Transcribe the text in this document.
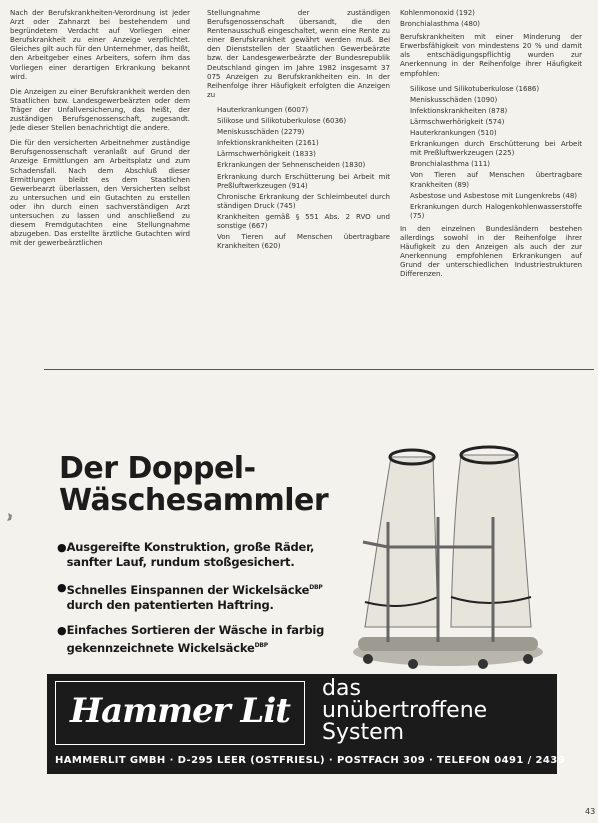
Nach der Berufskrankheiten-Verordnung ist jeder Arzt oder Zahnarzt bei bestehendem und begründetem Verdacht auf Vorliegen einer Berufskrankheit zu einer Anzeige verpflichtet. Gleiches gilt auch für den Unternehmer, das heißt, den Arbeitgeber eines Arbeiters, sofern ihm das Vorliegen einer derartigen Erkrankung bekannt wird.

Die Anzeigen zu einer Berufskrankheit werden den Staatlichen bzw. Landesgewerbeärzten oder dem Träger der Unfallversicherung, das heißt, der zuständigen Berufsgenossenschaft, zugesandt. Jede dieser Stellen benachrichtigt die andere.

Die für den versicherten Arbeitnehmer zuständige Berufsgenossenschaft veranlaßt auf Grund der Anzeige Ermittlungen am Arbeitsplatz und zum Schadensfall. Nach dem Abschluß dieser Ermittlungen bleibt es dem Staatlichen Gewerbearzt überlassen, den Versicherten selbst zu untersuchen und ein Gutachten zu erstellen oder ihn durch einen sachverständigen Arzt untersuchen zu lassen und anschließend zu diesem Fremdgutachten eine Stellungnahme abzugeben. Das erstellte ärztliche Gutachten wird mit der gewerbeärztlichen

Stellungnahme der zuständigen Berufsgenossenschaft übersandt, die den Rentenausschuß eingeschaltet, wenn eine Rente zu einer Berufskrankheit gewährt werden muß. Bei den Dienststellen der Staatlichen Gewerbeärzte bzw. der Landesgewerbeärzte der Bundesrepublik Deutschland gingen im Jahre 1982 insgesamt 37 075 Anzeigen zu Berufskrankheiten ein. In der Reihenfolge ihrer Häufigkeit erfolgten die Anzeigen zu

Hauterkrankungen (6007)
Silikose und Silikotuberkulose (6036)
Meniskusschäden (2279)
Infektionskrankheiten (2161)
Lärmschwerhörigkeit (1833)
Erkrankungen der Sehnenscheiden (1830)
Erkrankung durch Erschütterung bei Arbeit mit Preßluftwerkzeugen (914)
Chronische Erkrankung der Schleimbeutel durch ständigen Druck (745)
Krankheiten gemäß § 551 Abs. 2 RVO und sonstige (667)
Von Tieren auf Menschen übertragbare Krankheiten (620)
Kohlenmonoxid (192)
Bronchialasthma (480)

Berufskrankheiten mit einer Minderung der Erwerbsfähigkeit von mindestens 20 % und damit als entschädigungspflichtig wurden zur Anerkennung in der Reihenfolge ihrer Häufigkeit empfohlen:

Silikose und Silikotuberkulose (1686)
Meniskusschäden (1090)
Infektionskrankheiten (878)
Lärmschwerhörigkeit (574)
Hauterkrankungen (510)
Erkrankungen durch Erschütterung bei Arbeit mit Preßluftwerkzeugen (225)
Bronchialasthma (111)
Von Tieren auf Menschen übertragbare Krankheiten (89)
Asbestose und Asbestose mit Lungenkrebs (48)
Erkrankungen durch Halogenkohlenwasserstoffe (75)

In den einzelnen Bundesländern bestehen allerdings sowohl in der Reihenfolge ihrer Häufigkeit zu den Anzeigen als auch der zur Anerkennung empfohlenen Erkrankungen auf Grund der unterschiedlichen Industriestrukturen Differenzen.

Der Doppel-
Wäschesammler
● Ausgereifte Konstruktion, große Räder, sanfter Lauf, rundum stoßgesichert.
● Schnelles Einspannen der Wickelsäcke$^{DBP}$ durch den patentierten Haftring.
● Einfaches Sortieren der Wäsche in farbig gekennzeichnete Wickelsäcke$^{DBP}$
Hammer Lit
das
unübertroffene
System
HAMMERLIT GMBH · D-295 LEER (OSTFRIESL) · POSTFACH 309 · TELEFON 0491 / 2439
43
